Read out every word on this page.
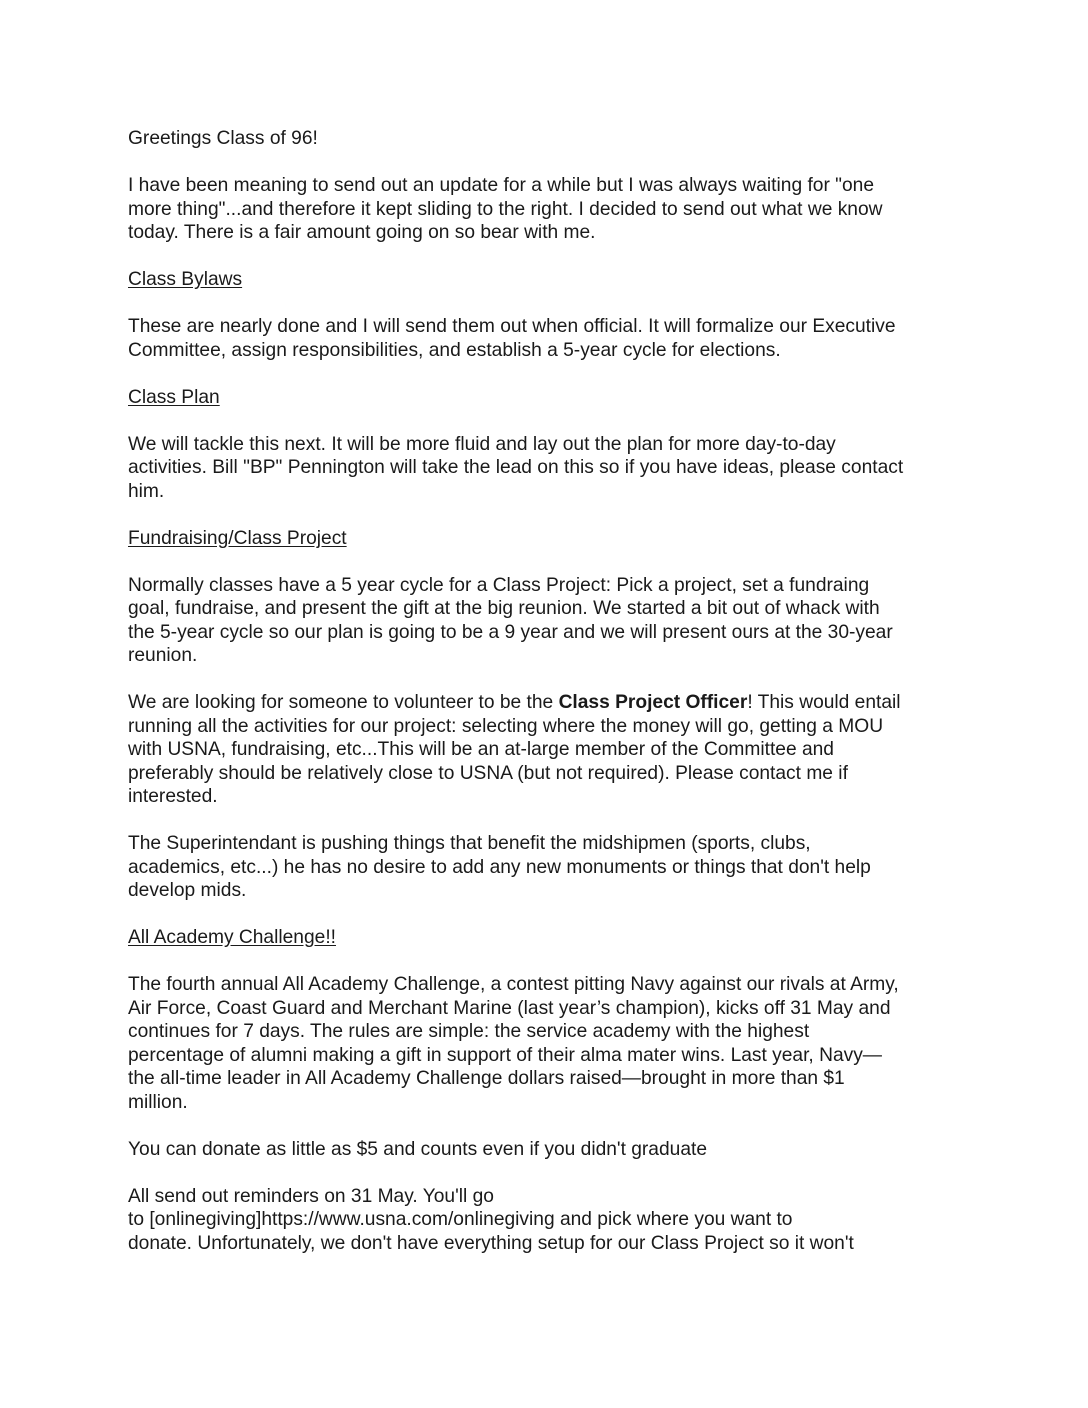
Greetings Class of 96!

I have been meaning to send out an update for a while but I was always waiting for "one
more thing"...and therefore it kept sliding to the right. I decided to send out what we know
today. There is a fair amount going on so bear with me.

Class Bylaws

These are nearly done and I will send them out when official. It will formalize our Executive
Committee, assign responsibilities, and establish a 5-year cycle for elections.

Class Plan

We will tackle this next. It will be more fluid and lay out the plan for more day-to-day
activities. Bill "BP" Pennington will take the lead on this so if you have ideas, please contact
him.

Fundraising/Class Project

Normally classes have a 5 year cycle for a Class Project: Pick a project, set a fundraing
goal, fundraise, and present the gift at the big reunion. We started a bit out of whack with
the 5-year cycle so our plan is going to be a 9 year and we will present ours at the 30-year
reunion.

We are looking for someone to volunteer to be the Class Project Officer! This would entail
running all the activities for our project: selecting where the money will go, getting a MOU
with USNA, fundraising, etc...This will be an at-large member of the Committee and
preferably should be relatively close to USNA (but not required). Please contact me if
interested.

The Superintendant is pushing things that benefit the midshipmen (sports, clubs,
academics, etc...) he has no desire to add any new monuments or things that don't help
develop mids.

All Academy Challenge!!

The fourth annual All Academy Challenge, a contest pitting Navy against our rivals at Army,
Air Force, Coast Guard and Merchant Marine (last year’s champion), kicks off 31 May and
continues for 7 days. The rules are simple: the service academy with the highest
percentage of alumni making a gift in support of their alma mater wins. Last year, Navy—
the all-time leader in All Academy Challenge dollars raised—brought in more than $1
million.

You can donate as little as $5 and counts even if you didn't graduate

All send out reminders on 31 May. You'll go
to [onlinegiving]https://www.usna.com/onlinegiving and pick where you want to
donate. Unfortunately, we don't have everything setup for our Class Project so it won't
